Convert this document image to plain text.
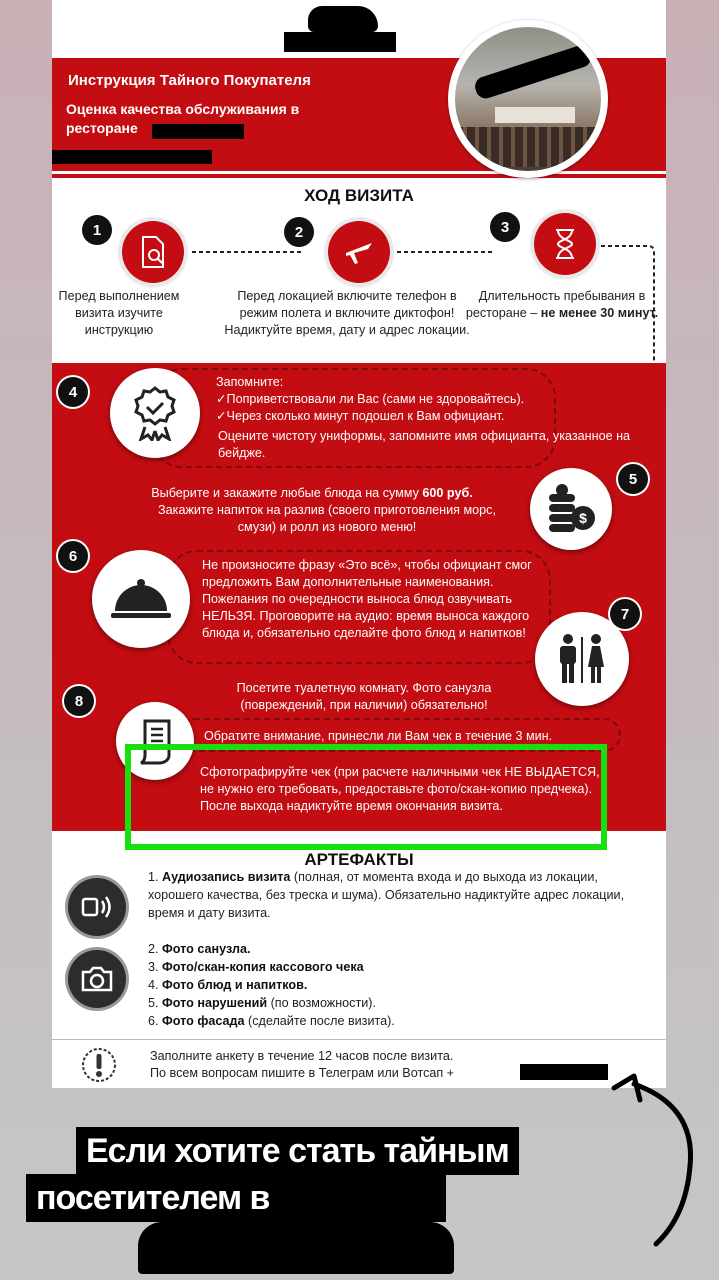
Инструкция Тайного Покупателя
Оценка качества обслуживания в ресторане
ХОД ВИЗИТА
1
Перед выполнением визита изучите инструкцию
2
Перед локацией включите телефон в режим полета и включите диктофон! Надиктуйте время, дату и адрес локации.
3
Длительность пребывания в ресторане – не менее 30 минут.
4
Запомните:
✓Поприветствовали ли Вас (сами не здоровайтесь).
✓Через сколько минут подошел к Вам официант.
Оцените чистоту униформы, запомните имя официанта, указанное на бейдже.
Выберите и закажите любые блюда на сумму 600 руб.
Закажите напиток на разлив (своего приготовления морс, смузи) и ролл из нового меню!
$
5
6
Не произносите фразу «Это всё», чтобы официант смог предложить Вам дополнительные наименования. Пожелания по очередности выноса блюд озвучивать НЕЛЬЗЯ. Проговорите на аудио: время выноса каждого блюда и, обязательно сделайте фото блюд и напитков!
7
Посетите туалетную комнату. Фото санузла (повреждений, при наличии) обязательно!
8
Обратите внимание, принесли ли Вам чек в течение 3 мин.
Сфотографируйте чек (при расчете наличными чек НЕ ВЫДАЕТСЯ, не нужно его требовать, предоставьте фото/скан-копию предчека). После выхода надиктуйте время окончания визита.
АРТЕФАКТЫ
1. Аудиозапись визита (полная, от момента входа и до выхода из локации, хорошего качества, без треска и шума). Обязательно надиктуйте адрес локации, время и дату визита.
2. Фото санузла.
3. Фото/скан-копия кассового чека
4. Фото блюд и напитков.
5. Фото нарушений (по возможности).
6. Фото фасада (сделайте после визита).
Заполните анкету в течение 12 часов после визита.
По всем вопросам пишите в Телеграм или Вотсап +
Если хотите стать тайным
посетителем в
